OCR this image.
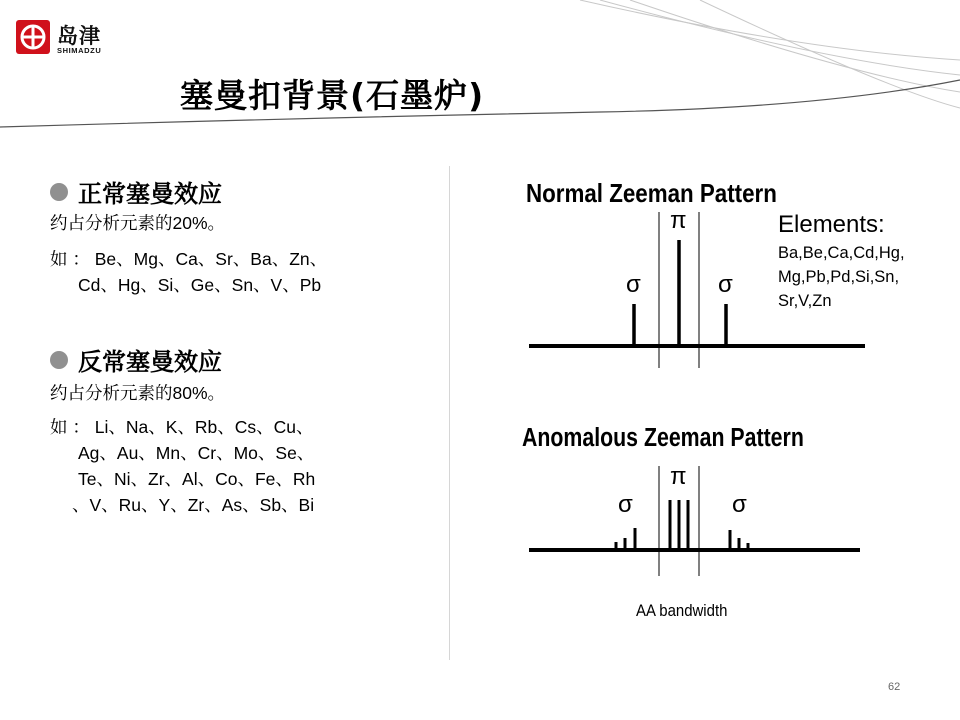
岛津
SHIMADZU
塞曼扣背景(石墨炉)
正常塞曼效应
约占分析元素的20%。
如 ： Be、Mg、Ca、Sr、Ba、Zn、
Cd、Hg、Si、Ge、Sn、V、Pb
反常塞曼效应
约占分析元素的80%。
如 ： Li、Na、K、Rb、Cs、Cu、
Ag、Au、Mn、Cr、Mo、Se、
Te、Ni、Zr、Al、Co、Fe、Rh
、V、Ru、Y、Zr、As、Sb、Bi
Normal Zeeman Pattern
π
σ	σ
Anomalous Zeeman Pattern
π
σ	σ
AA bandwidth
Elements:
Ba,Be,Ca,Cd,Hg, Mg,Pb,Pd,Si,Sn, Sr,V,Zn
62
